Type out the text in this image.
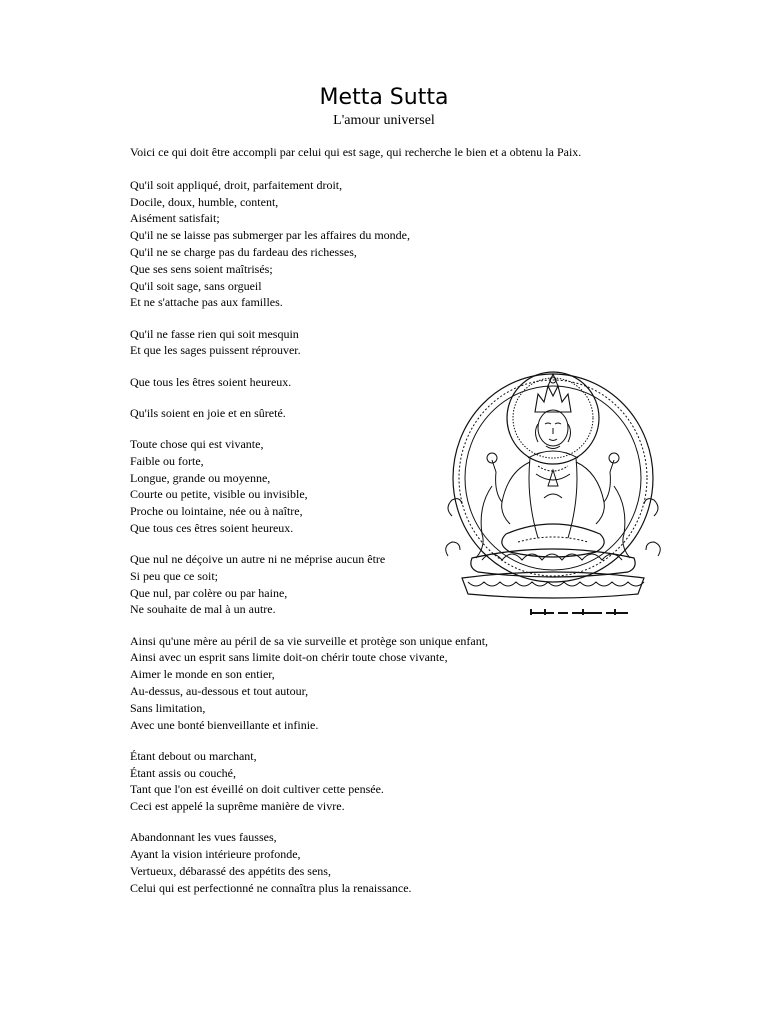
Metta Sutta
L'amour universel

Voici ce qui doit être accompli par celui qui est sage, qui recherche le bien et a obtenu la Paix.

Qu'il soit appliqué, droit, parfaitement droit,
Docile, doux, humble, content,
Aisément satisfait;
Qu'il ne se laisse pas submerger par les affaires du monde,
Qu'il ne se charge pas du fardeau des richesses,
Que ses sens soient maîtrisés;
Qu'il soit sage, sans orgueil
Et ne s'attache pas aux familles.

Qu'il ne fasse rien qui soit mesquin
Et que les sages puissent réprouver.

Que tous les êtres soient heureux.

Qu'ils soient en joie et en sûreté.

Toute chose qui est vivante,
Faible ou forte,
Longue, grande ou moyenne,
Courte ou petite, visible ou invisible,
Proche ou lointaine, née ou à naître,
Que tous ces êtres soient heureux.

Que nul ne déçoive un autre ni ne méprise aucun être
Si peu que ce soit;
Que nul, par colère ou par haine,
Ne souhaite de mal à un autre.

Ainsi qu'une mère au péril de sa vie surveille et protège son unique enfant,
Ainsi avec un esprit sans limite doit-on chérir toute chose vivante,
Aimer le monde en son entier,
Au-dessus, au-dessous et tout autour,
Sans limitation,
Avec une bonté bienveillante et infinie.

Étant debout ou marchant,
Étant assis ou couché,
Tant que l'on est éveillé on doit cultiver cette pensée.
Ceci est appelé la suprême manière de vivre.

Abandonnant les vues fausses,
Ayant la vision intérieure profonde,
Vertueux, débarassé des appétits des sens,
Celui qui est perfectionné ne connaîtra plus la renaissance.
